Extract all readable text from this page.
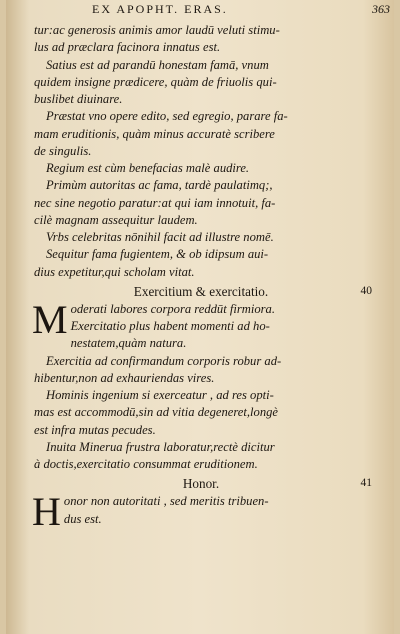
EX APOPHT. ERAS.	363
tur:ac generosis animis amor laudū veluti stimu-
lus ad præclara facinora innatus est.
Satius est ad parandū honestam famā, vnum
quidem insigne prædicere, quàm de friuolis qui-
buslibet diuinare.
Præstat vno opere edito, sed egregio, parare fa-
mam eruditionis, quàm minus accuratè scribere
de singulis.
Regium est cùm benefacias malè audire.
Primùm autoritas ac fama, tardè paulatimq;,
nec sine negotio paratur:at qui iam innotuit, fa-
cilè magnam assequitur laudem.
Vrbs celebritas nōnihil facit ad illustre nomē.
Sequitur fama fugientem, & ob idipsum aui-
dius expetitur,qui scholam vitat.
Exercitium & exercitatio.	40
M oderati labores corpora reddūt firmiora.
Exercitatio plus habent momenti ad ho-
nestatem,quàm natura.
Exercitia ad confirmandum corporis robur ad-
hibentur,non ad exhauriendas vires.
Hominis ingenium si exerceatur , ad res opti-
mas est accommodū,sin ad vitia degeneret,longè
est infra mutas pecudes.
Inuita Minerua frustra laboratur,rectè dicitur
à doctis,exercitatio consummat eruditionem.
Honor.	41
H onor non autoritati , sed meritis tribuen-
dus est.
